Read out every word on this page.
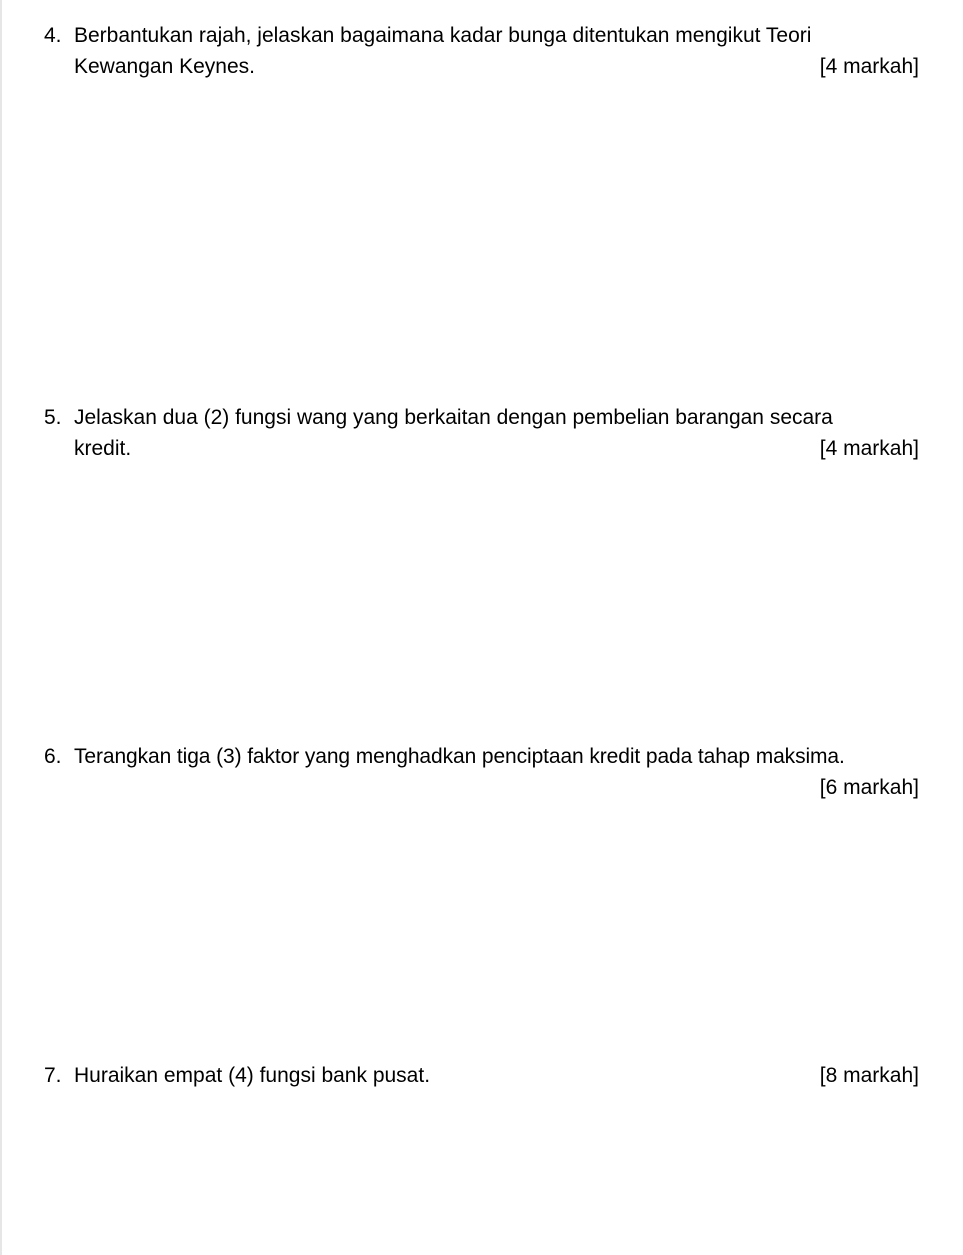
4. Berbantukan rajah, jelaskan bagaimana kadar bunga ditentukan mengikut Teori
Kewangan Keynes.	[4 markah]
5. Jelaskan dua (2) fungsi wang yang berkaitan dengan pembelian barangan secara
kredit.	[4 markah]
6. Terangkan tiga (3) faktor yang menghadkan penciptaan kredit pada tahap maksima.
[6 markah]
7. Huraikan empat (4) fungsi bank pusat.	[8 markah]
